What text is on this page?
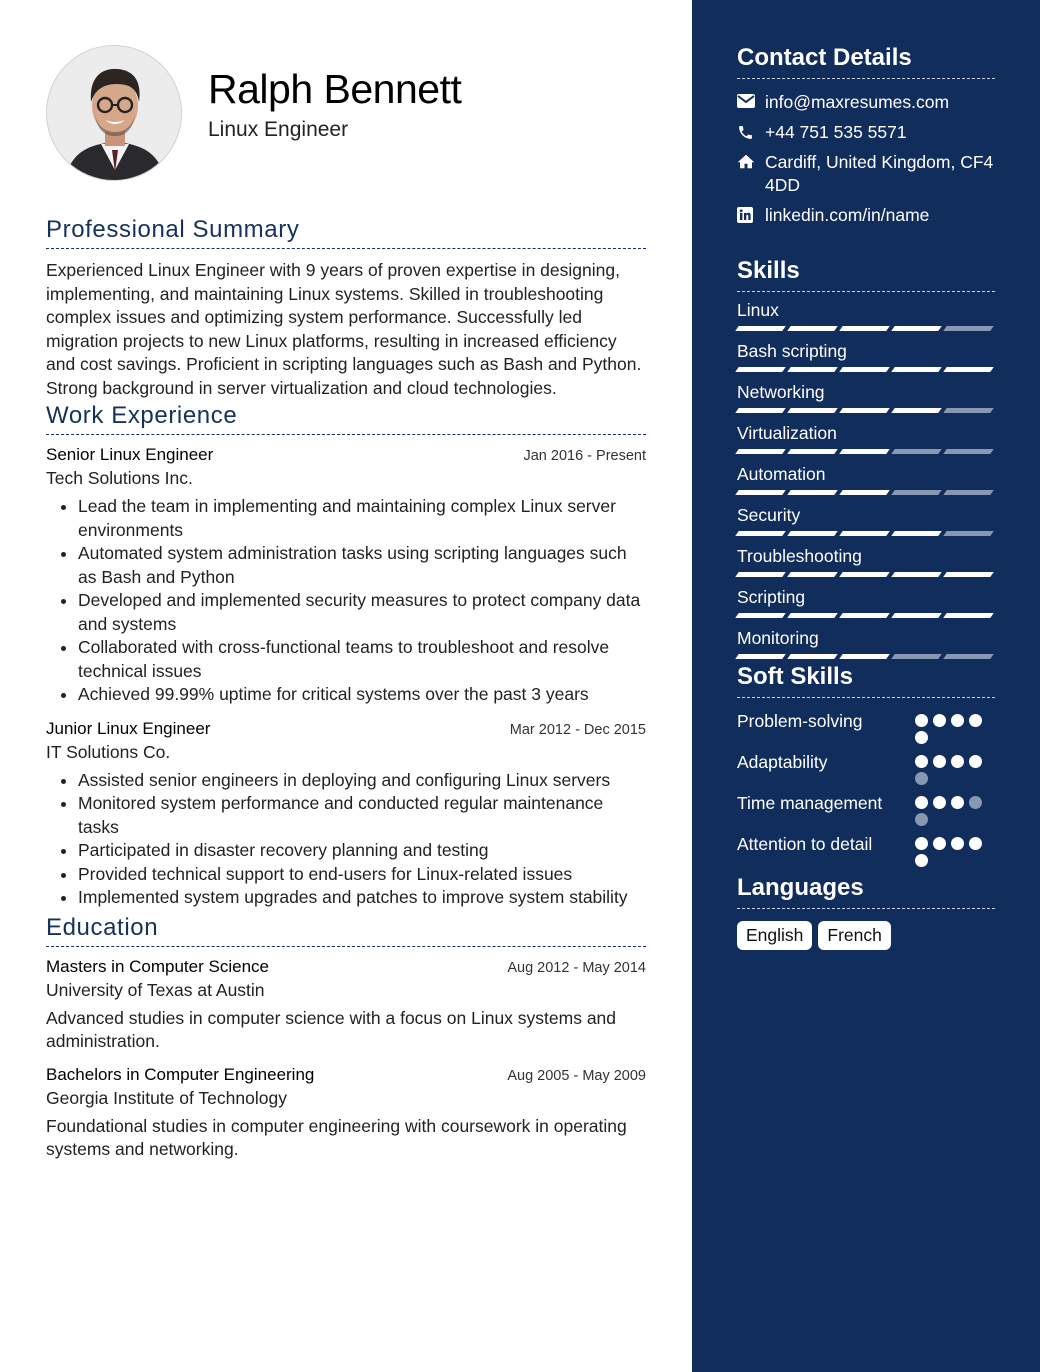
Ralph Bennett
Linux Engineer
Professional Summary

Experienced Linux Engineer with 9 years of proven expertise in designing, implementing, and maintaining Linux systems. Skilled in troubleshooting complex issues and optimizing system performance. Successfully led migration projects to new Linux platforms, resulting in increased efficiency and cost savings. Proficient in scripting languages such as Bash and Python. Strong background in server virtualization and cloud technologies.

Work Experience
Senior Linux Engineer	Jan 2016 - Present
Tech Solutions Inc.
• Lead the team in implementing and maintaining complex Linux server environments
• Automated system administration tasks using scripting languages such as Bash and Python
• Developed and implemented security measures to protect company data and systems
• Collaborated with cross-functional teams to troubleshoot and resolve technical issues
• Achieved 99.99% uptime for critical systems over the past 3 years
Junior Linux Engineer	Mar 2012 - Dec 2015
IT Solutions Co.
• Assisted senior engineers in deploying and configuring Linux servers
• Monitored system performance and conducted regular maintenance tasks
• Participated in disaster recovery planning and testing
• Provided technical support to end-users for Linux-related issues
• Implemented system upgrades and patches to improve system stability
Education
Masters in Computer Science	Aug 2012 - May 2014
University of Texas at Austin

Advanced studies in computer science with a focus on Linux systems and administration.

Bachelors in Computer Engineering	Aug 2005 - May 2009
Georgia Institute of Technology

Foundational studies in computer engineering with coursework in operating systems and networking.

Contact Details
info@maxresumes.com
+44 751 535 5571
Cardiff, United Kingdom, CF4 4DD
linkedin.com/in/name
Skills
Linux
Bash scripting
Networking
Virtualization
Automation
Security
Troubleshooting
Scripting
Monitoring
Soft Skills
Problem-solving
Adaptability
Time management
Attention to detail
Languages
English	French
